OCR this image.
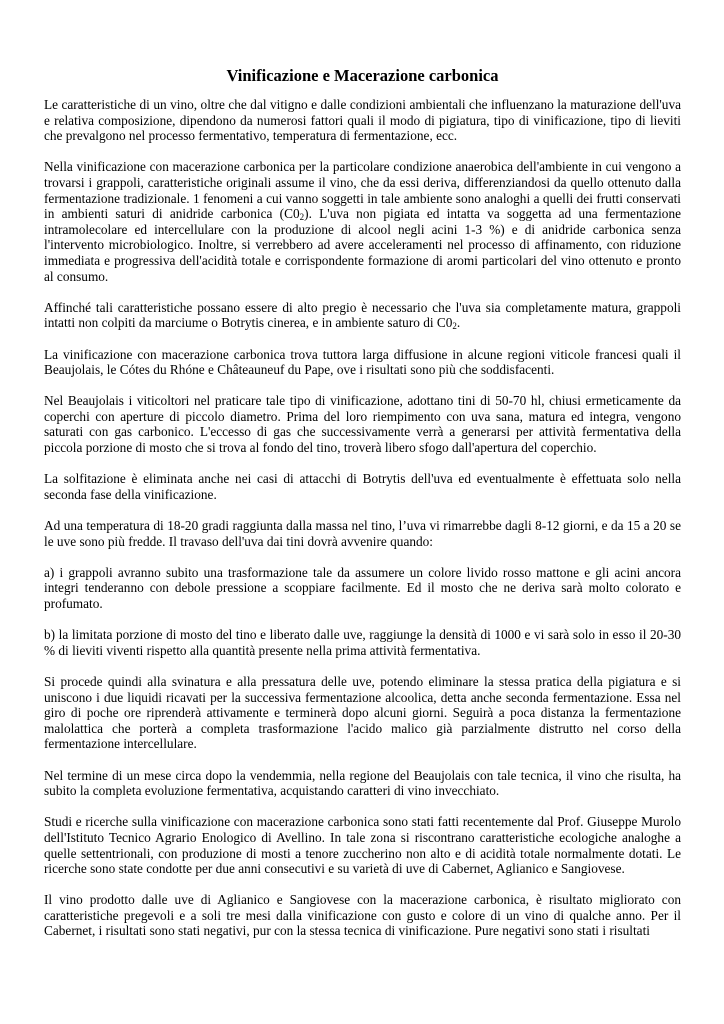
Vinificazione e Macerazione carbonica

Le caratteristiche di un vino, oltre che dal vitigno e dalle condizioni ambientali che influenzano la maturazione dell'uva e relativa composizione, dipendono da numerosi fattori quali il modo di pigiatura, tipo di vinificazione, tipo di lieviti che prevalgono nel processo fermentativo, temperatura di fermentazione, ecc.

Nella vinificazione con macerazione carbonica per la particolare condizione anaerobica dell'ambiente in cui vengono a trovarsi i grappoli, caratteristiche originali assume il vino, che da essi deriva, differenziandosi da quello ottenuto dalla fermentazione tradizionale. 1 fenomeni a cui vanno soggetti in tale ambiente sono analoghi a quelli dei frutti conservati in ambienti saturi di anidride carbonica $(C0_2)$. L'uva non pigiata ed intatta va soggetta ad una fermentazione intramolecolare ed intercellulare con la produzione di alcool negli acini 1-3 %) e di anidride carbonica senza l'intervento microbiologico. Inoltre, si verrebbero ad avere acceleramenti nel processo di affinamento, con riduzione immediata e progressiva dell'acidità totale e corrispondente formazione di aromi particolari del vino ottenuto e pronto al consumo.

Affinché tali caratteristiche possano essere di alto pregio è necessario che l'uva sia completamente matura, grappoli intatti non colpiti da marciume o Botrytis cinerea, e in ambiente saturo di $C0_2$.

La vinificazione con macerazione carbonica trova tuttora larga diffusione in alcune regioni viticole francesi quali il Beaujolais, le Cótes du Rhóne e Châteauneuf du Pape, ove i risultati sono più che soddisfacenti.

Nel Beaujolais i viticoltori nel praticare tale tipo di vinificazione, adottano tini di 50-70 hl, chiusi ermeticamente da coperchi con aperture di piccolo diametro. Prima del loro riempimento con uva sana, matura ed integra, vengono saturati con gas carbonico. L'eccesso di gas che successivamente verrà a generarsi per attività fermentativa della piccola porzione di mosto che si trova al fondo del tino, troverà libero sfogo dall'apertura del coperchio.

La solfitazione è eliminata anche nei casi di attacchi di Botrytis dell'uva ed eventualmente è effettuata solo nella seconda fase della vinificazione.

Ad una temperatura di 18-20 gradi raggiunta dalla massa nel tino, l’uva vi rimarrebbe dagli 8-12 giorni, e da 15 a 20 se le uve sono più fredde. Il travaso dell'uva dai tini dovrà avvenire quando:

a) i grappoli avranno subito una trasformazione tale da assumere un colore livido rosso mattone e gli acini ancora integri tenderanno con debole pressione a scoppiare facilmente. Ed il mosto che ne deriva sarà molto colorato e profumato.

b) la limitata porzione di mosto del tino e liberato dalle uve, raggiunge la densità di 1000 e vi sarà solo in esso il 20-30 % di lieviti viventi rispetto alla quantità presente nella prima attività fermentativa.

Si procede quindi alla svinatura e alla pressatura delle uve, potendo eliminare la stessa pratica della pigiatura e si uniscono i due liquidi ricavati per la successiva fermentazione alcoolica, detta anche seconda fermentazione. Essa nel giro di poche ore riprenderà attivamente e terminerà dopo alcuni giorni. Seguirà a poca distanza la fermentazione malolattica che porterà a completa trasformazione l'acido malico già parzialmente distrutto nel corso della fermentazione intercellulare.

Nel termine di un mese circa dopo la vendemmia, nella regione del Beaujolais con tale tecnica, il vino che risulta, ha subito la completa evoluzione fermentativa, acquistando caratteri di vino invecchiato.

Studi e ricerche sulla vinificazione con macerazione carbonica sono stati fatti recentemente dal Prof. Giuseppe Murolo dell'Istituto Tecnico Agrario Enologico di Avellino. In tale zona si riscontrano caratteristiche ecologiche analoghe a quelle settentrionali, con produzione di mosti a tenore zuccherino non alto e di acidità totale normalmente dotati. Le ricerche sono state condotte per due anni consecutivi e su varietà di uve di Cabernet, Aglianico e Sangiovese.

Il vino prodotto dalle uve di Aglianico e Sangiovese con la macerazione carbonica, è risultato migliorato con caratteristiche pregevoli e a soli tre mesi dalla vinificazione con gusto e colore di un vino di qualche anno. Per il Cabernet, i risultati sono stati negativi, pur con la stessa tecnica di vinificazione. Pure negativi sono stati i risultati
